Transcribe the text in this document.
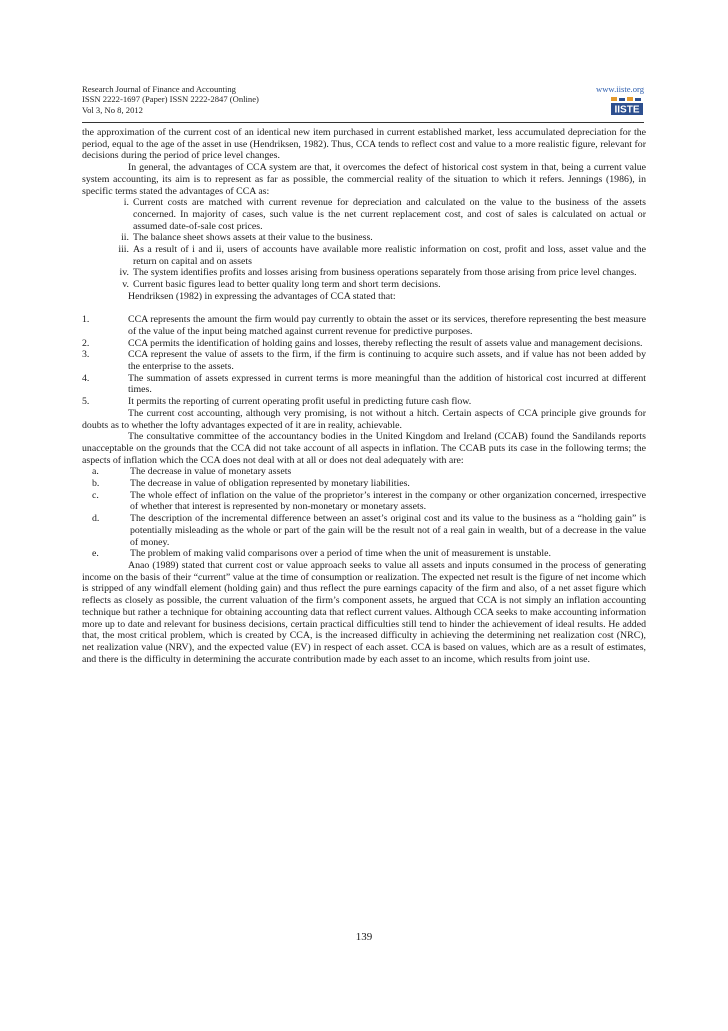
Research Journal of Finance and Accounting
ISSN 2222-1697 (Paper) ISSN 2222-2847 (Online)
Vol 3, No 8, 2012
www.iiste.org
IISTE

the approximation of the current cost of an identical new item purchased in current established market, less accumulated depreciation for the period, equal to the age of the asset in use (Hendriksen, 1982). Thus, CCA tends to reflect cost and value to a more realistic figure, relevant for decisions during the period of price level changes.

In general, the advantages of CCA system are that, it overcomes the defect of historical cost system in that, being a current value system accounting, its aim is to represent as far as possible, the commercial reality of the situation to which it refers. Jennings (1986), in specific terms stated the advantages of CCA as:

i. Current costs are matched with current revenue for depreciation and calculated on the value to the business of the assets concerned. In majority of cases, such value is the net current replacement cost, and cost of sales is calculated on actual or assumed date-of-sale cost prices.
ii. The balance sheet shows assets at their value to the business.
iii. As a result of i and ii, users of accounts have available more realistic information on cost, profit and loss, asset value and the return on capital and on assets
iv. The system identifies profits and losses arising from business operations separately from those arising from price level changes.
v. Current basic figures lead to better quality long term and short term decisions.

Hendriksen (1982) in expressing the advantages of CCA stated that:

1.	CCA represents the amount the firm would pay currently to obtain the asset or its services, therefore representing the best measure of the value of the input being matched against current revenue for predictive purposes.
2.	CCA permits the identification of holding gains and losses, thereby reflecting the result of assets value and management decisions.
3.	CCA represent the value of assets to the firm, if the firm is continuing to acquire such assets, and if value has not been added by the enterprise to the assets.
4.	The summation of assets expressed in current terms is more meaningful than the addition of historical cost incurred at different times.
5.	It permits the reporting of current operating profit useful in predicting future cash flow.

The current cost accounting, although very promising, is not without a hitch. Certain aspects of CCA principle give grounds for doubts as to whether the lofty advantages expected of it are in reality, achievable.

The consultative committee of the accountancy bodies in the United Kingdom and Ireland (CCAB) found the Sandilands reports unacceptable on the grounds that the CCA did not take account of all aspects in inflation. The CCAB puts its case in the following terms; the aspects of inflation which the CCA does not deal with at all or does not deal adequately with are:

a.	The decrease in value of monetary assets
b.	The decrease in value of obligation represented by monetary liabilities.
c.	The whole effect of inflation on the value of the proprietor’s interest in the company or other organization concerned, irrespective of whether that interest is represented by non-monetary or monetary assets.
d.	The description of the incremental difference between an asset’s original cost and its value to the business as a “holding gain” is potentially misleading as the whole or part of the gain will be the result not of a real gain in wealth, but of a decrease in the value of money.
e.	The problem of making valid comparisons over a period of time when the unit of measurement is unstable.

Anao (1989) stated that current cost or value approach seeks to value all assets and inputs consumed in the process of generating income on the basis of their “current” value at the time of consumption or realization. The expected net result is the figure of net income which is stripped of any windfall element (holding gain) and thus reflect the pure earnings capacity of the firm and also, of a net asset figure which reflects as closely as possible, the current valuation of the firm’s component assets, he argued that CCA is not simply an inflation accounting technique but rather a technique for obtaining accounting data that reflect current values. Although CCA seeks to make accounting information more up to date and relevant for business decisions, certain practical difficulties still tend to hinder the achievement of ideal results. He added that, the most critical problem, which is created by CCA, is the increased difficulty in achieving the determining net realization cost (NRC), net realization value (NRV), and the expected value (EV) in respect of each asset. CCA is based on values, which are as a result of estimates, and there is the difficulty in determining the accurate contribution made by each asset to an income, which results from joint use.

139
